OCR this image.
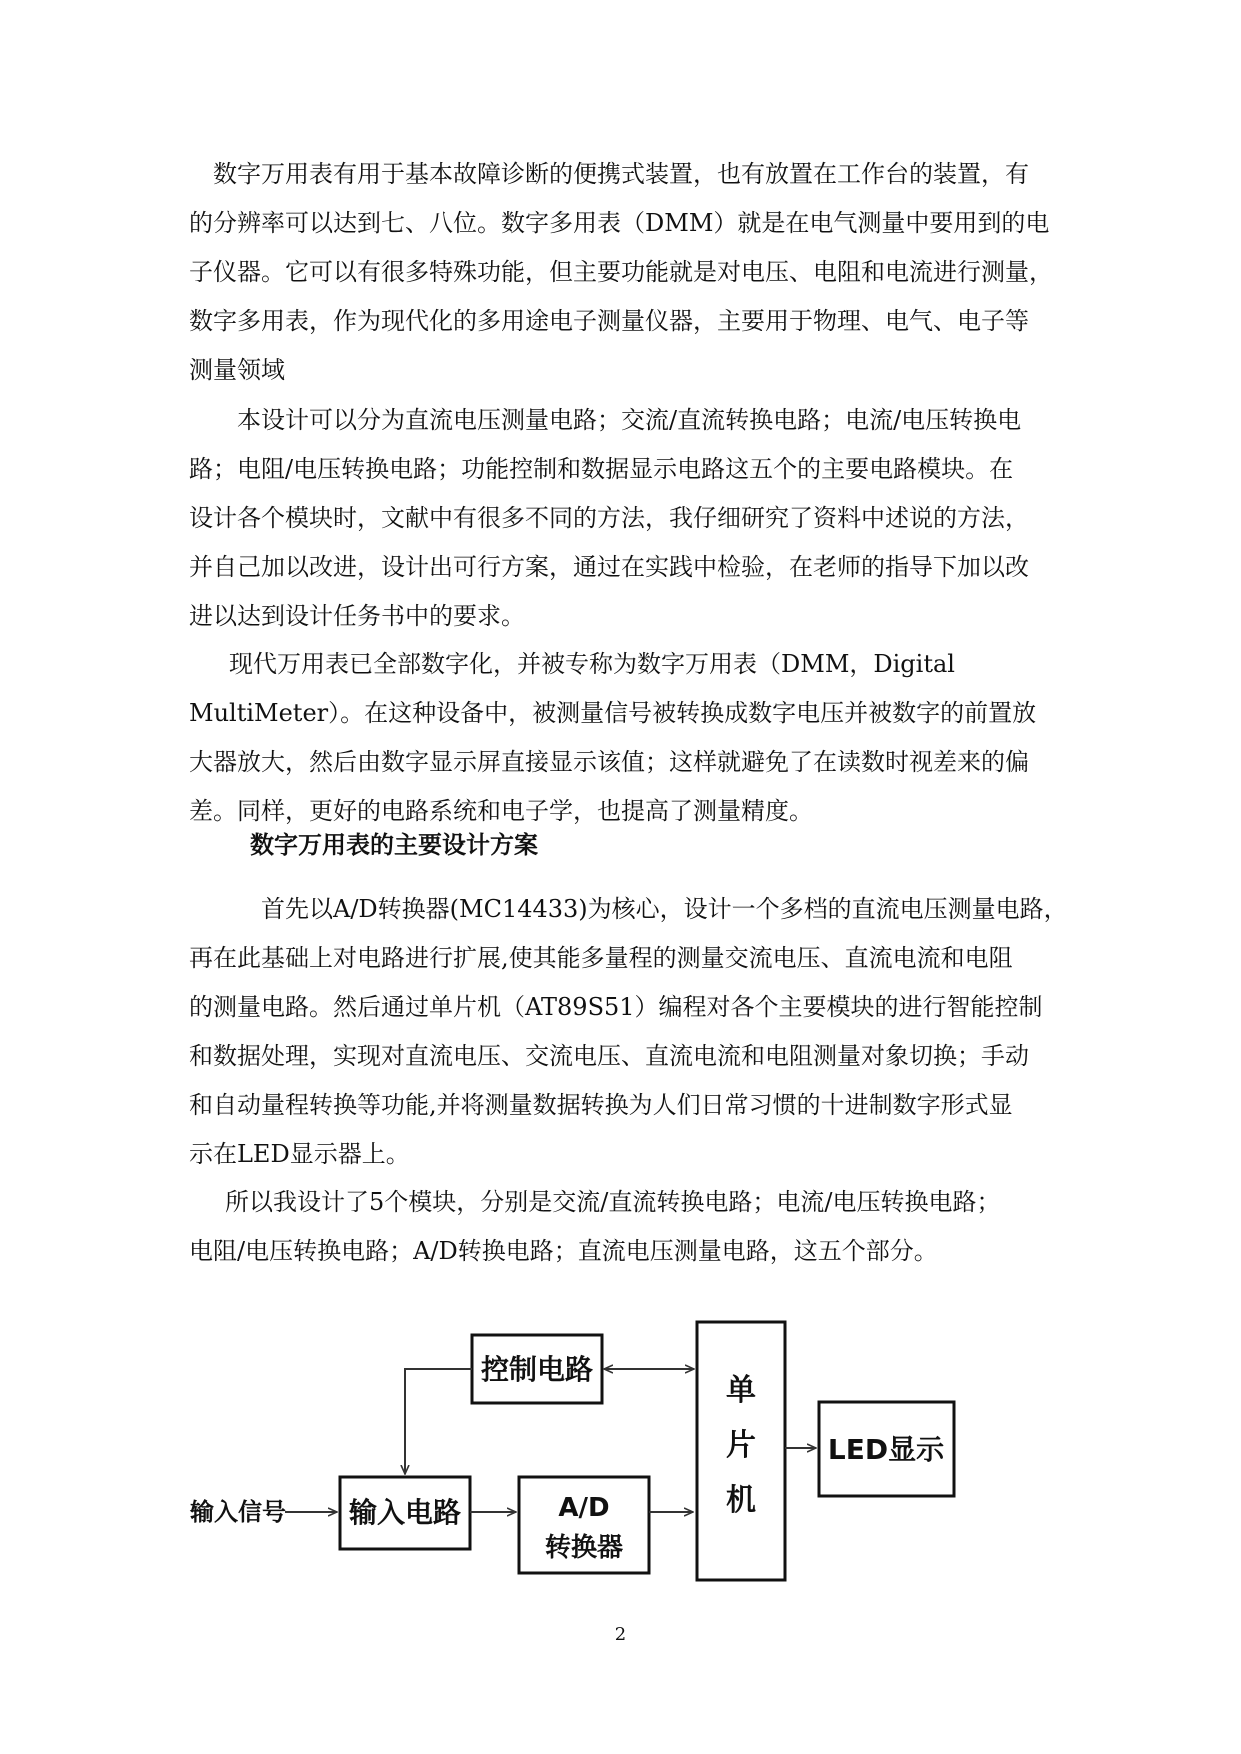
数字万用表有用于基本故障诊断的便携式装置，也有放置在工作台的装置，有
的分辨率可以达到七、八位。数字多用表（DMM）就是在电气测量中要用到的电
子仪器。它可以有很多特殊功能，但主要功能就是对电压、电阻和电流进行测量，
数字多用表，作为现代化的多用途电子测量仪器，主要用于物理、电气、电子等
测量领域

本设计可以分为直流电压测量电路；交流/直流转换电路；电流/电压转换电
路；电阻/电压转换电路；功能控制和数据显示电路这五个的主要电路模块。在
设计各个模块时，文献中有很多不同的方法，我仔细研究了资料中述说的方法，
并自己加以改进，设计出可行方案，通过在实践中检验，在老师的指导下加以改
进以达到设计任务书中的要求。

现代万用表已全部数字化，并被专称为数字万用表（DMM，Digital
MultiMeter）。在这种设备中，被测量信号被转换成数字电压并被数字的前置放
大器放大，然后由数字显示屏直接显示该值；这样就避免了在读数时视差来的偏
差。同样，更好的电路系统和电子学，也提高了测量精度。

数字万用表的主要设计方案

首先以A/D转换器(MC14433)为核心，设计一个多档的直流电压测量电路，
再在此基础上对电路进行扩展,使其能多量程的测量交流电压、直流电流和电阻
的测量电路。然后通过单片机（AT89S51）编程对各个主要模块的进行智能控制
和数据处理，实现对直流电压、交流电压、直流电流和电阻测量对象切换；手动
和自动量程转换等功能,并将测量数据转换为人们日常习惯的十进制数字形式显
示在LED显示器上。

所以我设计了5个模块，分别是交流/直流转换电路；电流/电压转换电路；
电阻/电压转换电路；A/D转换电路；直流电压测量电路，这五个部分。

输入信号 输入电路	A/D
转换器
控制电路
单
片
机
LED显示
2
